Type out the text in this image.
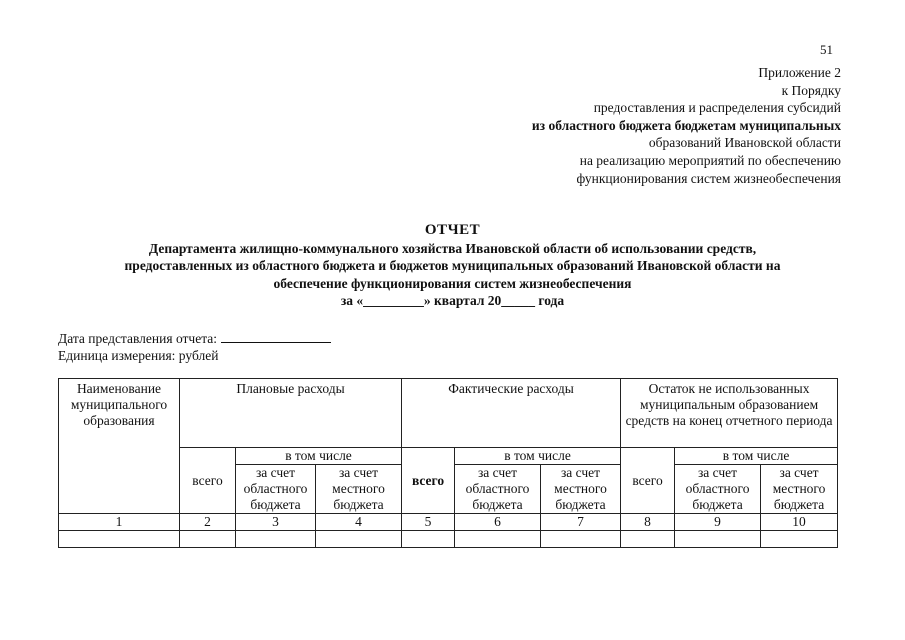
51
Приложение 2
к Порядку
предоставления и распределения субсидий
из областного бюджета бюджетам муниципальных
образований Ивановской области
на реализацию мероприятий по обеспечению
функционирования систем жизнеобеспечения
ОТЧЕТ
Департамента жилищно-коммунального хозяйства Ивановской области об использовании средств,
предоставленных из областного бюджета и бюджетов муниципальных образований Ивановской области на
обеспечение функционирования систем жизнеобеспечения
за «_________» квартал 20_____ года
Дата представления отчета:
Единица измерения: рублей
Наименование муниципального образования	Плановые расходы			Фактические расходы			Остаток не использованных муниципальным образованием средств на конец отчетного периода		
	всего	в том числе		всего	в том числе		всего	в том числе	
		за счет областного бюджета	за счет местного бюджета		за счет областного бюджета	за счет местного бюджета		за счет областного бюджета	за счет местного бюджета
1	2	3	4	5	6	7	8	9	10
